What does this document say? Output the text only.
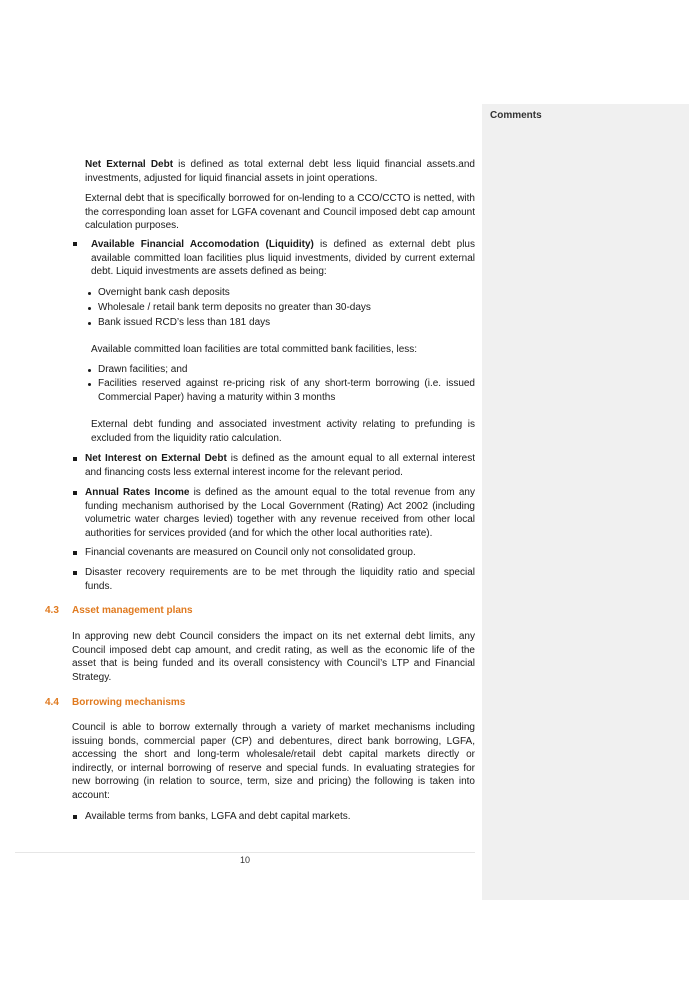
Comments

Net External Debt is defined as total external debt less liquid financial assets.and investments, adjusted for liquid financial assets in joint operations.

External debt that is specifically borrowed for on-lending to a CCO/CCTO is netted, with the corresponding loan asset for LGFA covenant and Council imposed debt cap amount calculation purposes.

Available Financial Accomodation (Liquidity) is defined as external debt plus available committed loan facilities plus liquid investments, divided by current external debt. Liquid investments are assets defined as being:

Overnight bank cash deposits
Wholesale / retail bank term deposits no greater than 30-days
Bank issued RCD’s less than 181 days

Available committed loan facilities are total committed bank facilities, less:

Drawn facilities; and

Facilities reserved against re-pricing risk of any short-term borrowing (i.e. issued Commercial Paper) having a maturity within 3 months

External debt funding and associated investment activity relating to prefunding is excluded from the liquidity ratio calculation.

Net Interest on External Debt is defined as the amount equal to all external interest and financing costs less external interest income for the relevant period.

Annual Rates Income is defined as the amount equal to the total revenue from any funding mechanism authorised by the Local Government (Rating) Act 2002 (including volumetric water charges levied) together with any revenue received from other local authorities for services provided (and for which the other local authorities rate).

Financial covenants are measured on Council only not consolidated group.

Disaster recovery requirements are to be met through the liquidity ratio and special funds.

4.3 Asset management plans

In approving new debt Council considers the impact on its net external debt limits, any Council imposed debt cap amount, and credit rating, as well as the economic life of the asset that is being funded and its overall consistency with Council’s LTP and Financial Strategy.

4.4 Borrowing mechanisms

Council is able to borrow externally through a variety of market mechanisms including issuing bonds, commercial paper (CP) and debentures, direct bank borrowing, LGFA, accessing the short and long-term wholesale/retail debt capital markets directly or indirectly, or internal borrowing of reserve and special funds. In evaluating strategies for new borrowing (in relation to source, term, size and pricing) the following is taken into account:

Available terms from banks, LGFA and debt capital markets.

10
